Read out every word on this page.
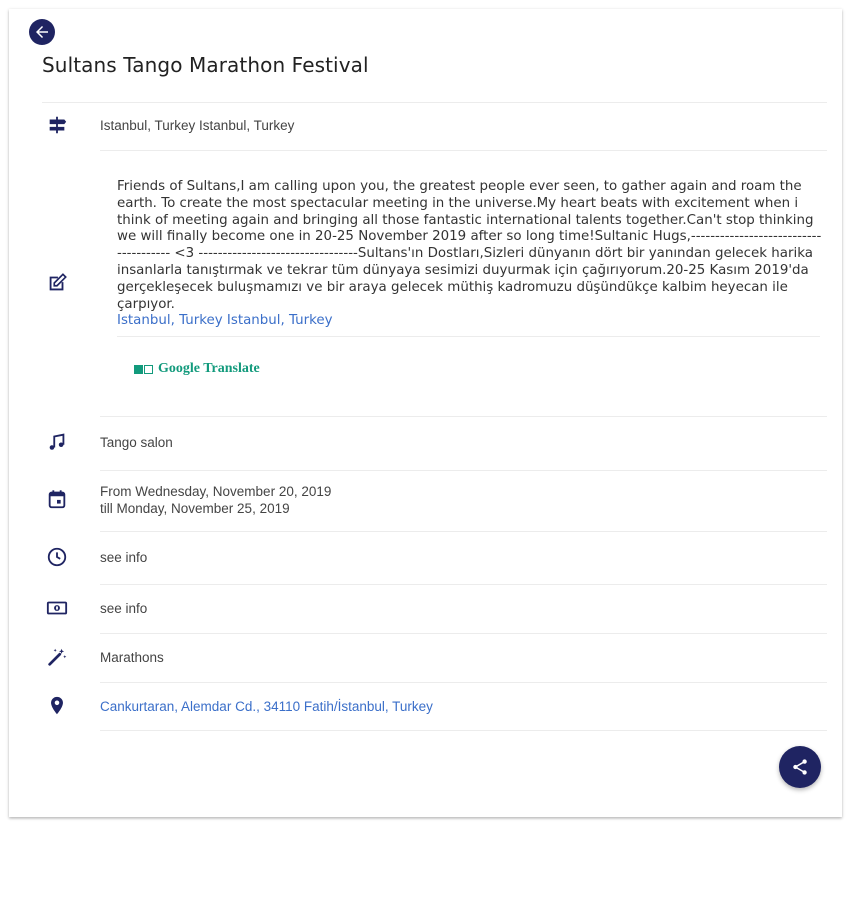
Sultans Tango Marathon Festival
Istanbul, Turkey Istanbul, Turkey
Friends of Sultans,I am calling upon you, the greatest people ever seen, to gather again and roam the earth. To create the most spectacular meeting in the universe.My heart beats with excitement when i think of meeting again and bringing all those fantastic international talents together.Can't stop thinking we will finally become one in 20-25 November 2019 after so long time!Sultanic Hugs,-------------------------------------- <3 ---------------------------------Sultans'ın Dostları,Sizleri dünyanın dört bir yanından gelecek harika insanlarla tanıştırmak ve tekrar tüm dünyaya sesimizi duyurmak için çağırıyorum.20-25 Kasım 2019'da gerçekleşecek buluşmamızı ve bir araya gelecek müthiş kadromuzu düşündükçe kalbim heyecan ile çarpıyor.
Istanbul, Turkey Istanbul, Turkey
Google Translate
Tango salon
From Wednesday, November 20, 2019
till Monday, November 25, 2019
see info
see info
Marathons
Cankurtaran, Alemdar Cd., 34110 Fatih/İstanbul, Turkey
